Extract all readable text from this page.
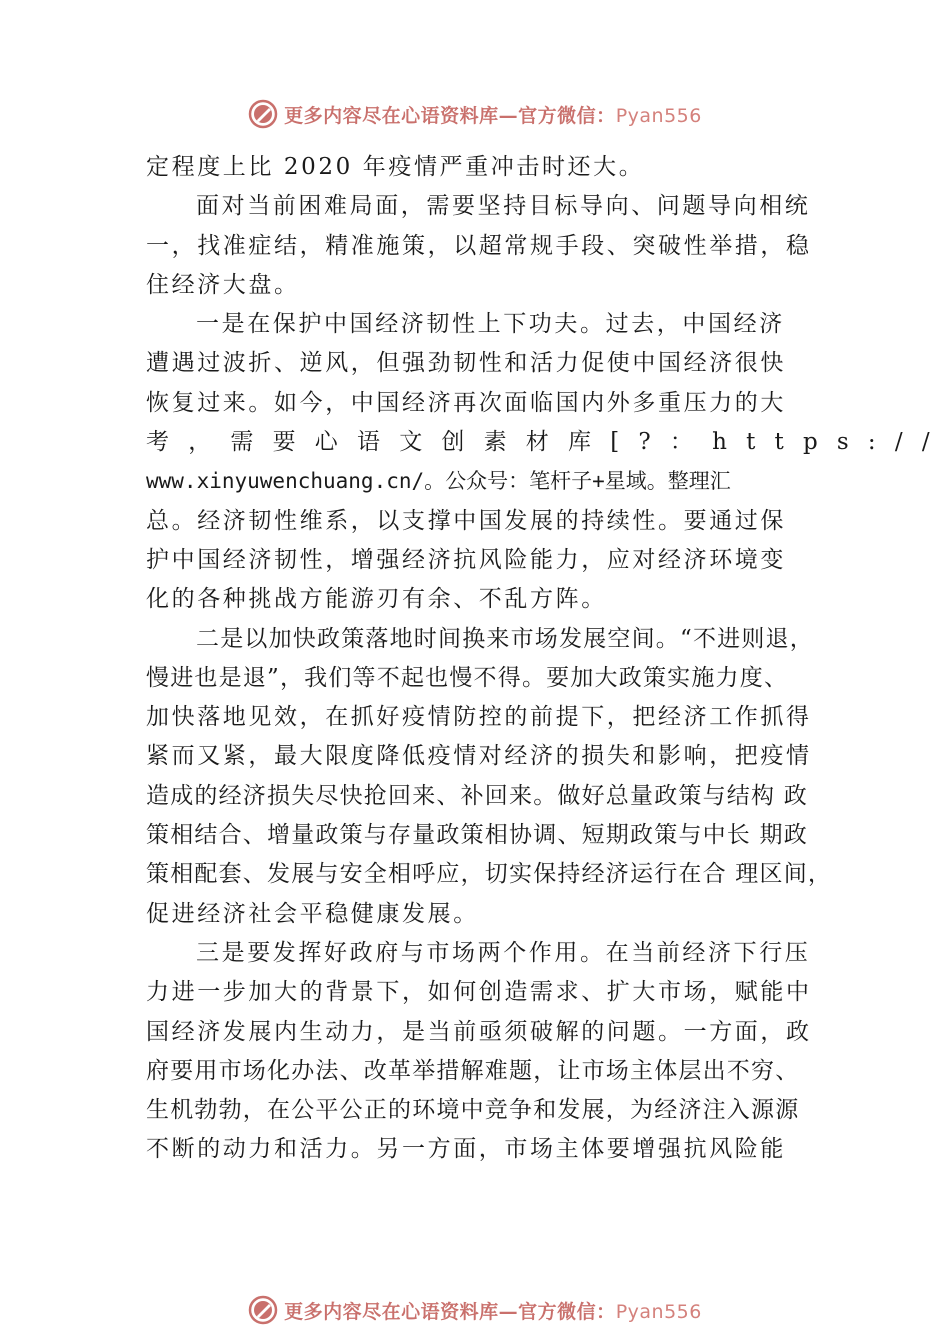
更多内容尽在心语资料库—官方微信：Pyan556
定程度上比 2020 年疫情严重冲击时还大。
面对当前困难局面，需要坚持目标导向、问题导向相统
一，找准症结，精准施策，以超常规手段、突破性举措，稳
住经济大盘。
一是在保护中国经济韧性上下功夫。过去，中国经济
遭遇过波折、逆风，但强劲韧性和活力促使中国经济很快
恢复过来。如今，中国经济再次面临国内外多重压力的大
考，需要心语文创素材库[?：https://
www.xinyuwenchuang.cn/。公众号：笔杆子+星域。整理汇
总。经济韧性维系，以支撑中国发展的持续性。要通过保
护中国经济韧性，增强经济抗风险能力，应对经济环境变
化的各种挑战方能游刃有余、不乱方阵。
二是以加快政策落地时间换来市场发展空间。“不进则退，
慢进也是退”，我们等不起也慢不得。要加大政策实施力度、
加快落地见效，在抓好疫情防控的前提下，把经济工作抓得
紧而又紧，最大限度降低疫情对经济的损失和影响，把疫情
造成的经济损失尽快抢回来、补回来。做好总量政策与结构 政
策相结合、增量政策与存量政策相协调、短期政策与中长 期政
策相配套、发展与安全相呼应，切实保持经济运行在合 理区间，
促进经济社会平稳健康发展。
三是要发挥好政府与市场两个作用。在当前经济下行压
力进一步加大的背景下，如何创造需求、扩大市场，赋能中
国经济发展内生动力，是当前亟须破解的问题。一方面，政
府要用市场化办法、改革举措解难题，让市场主体层出不穷、
生机勃勃，在公平公正的环境中竞争和发展，为经济注入源源
不断的动力和活力。另一方面，市场主体要增强抗风险能
更多内容尽在心语资料库—官方微信：Pyan556
